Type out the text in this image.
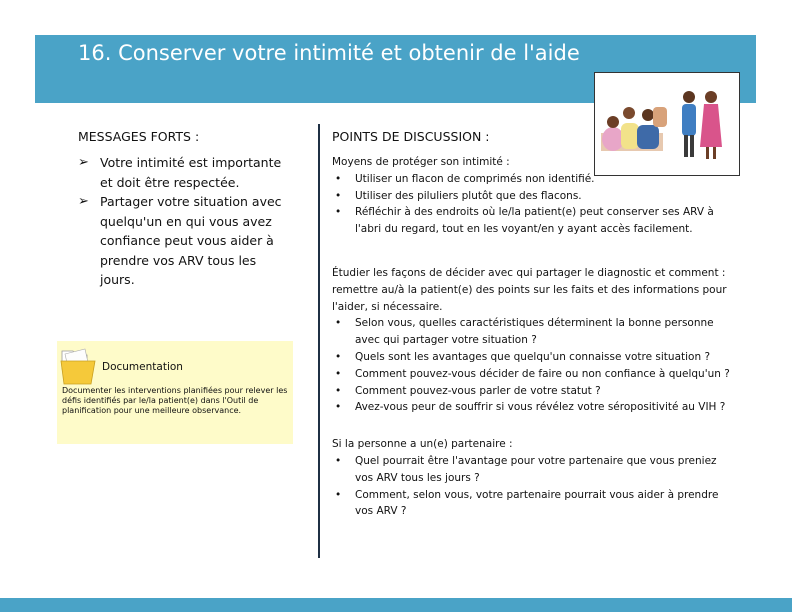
16. Conserver votre intimité et obtenir de l'aide
MESSAGES FORTS :
➢ Votre intimité est importante et doit être respectée.
➢ Partager votre situation avec quelqu'un en qui vous avez confiance peut vous aider à prendre vos ARV tous les jours.
Documentation
Documenter les interventions planifiées pour relever les défis identifiés par le/la patient(e) dans l'Outil de planification pour une meilleure observance.
POINTS DE DISCUSSION :

Moyens de protéger son intimité :

• Utiliser un flacon de comprimés non identifié.
• Utiliser des piluliers plutôt que des flacons.
• Réfléchir à des endroits où le/la patient(e) peut conserver ses ARV à l'abri du regard, tout en les voyant/en y ayant accès facilement.

Étudier les façons de décider avec qui partager le diagnostic et comment : remettre au/à la patient(e) des points sur les faits et des informations pour l'aider, si nécessaire.

• Selon vous, quelles caractéristiques déterminent la bonne personne avec qui partager votre situation ?
• Quels sont les avantages que quelqu'un connaisse votre situation ?
• Comment pouvez-vous décider de faire ou non confiance à quelqu'un ?
• Comment pouvez-vous parler de votre statut ?
• Avez-vous peur de souffrir si vous révélez votre séropositivité au VIH ?

Si la personne a un(e) partenaire :

• Quel pourrait être l'avantage pour votre partenaire que vous preniez vos ARV tous les jours ?
• Comment, selon vous, votre partenaire pourrait vous aider à prendre vos ARV ?
